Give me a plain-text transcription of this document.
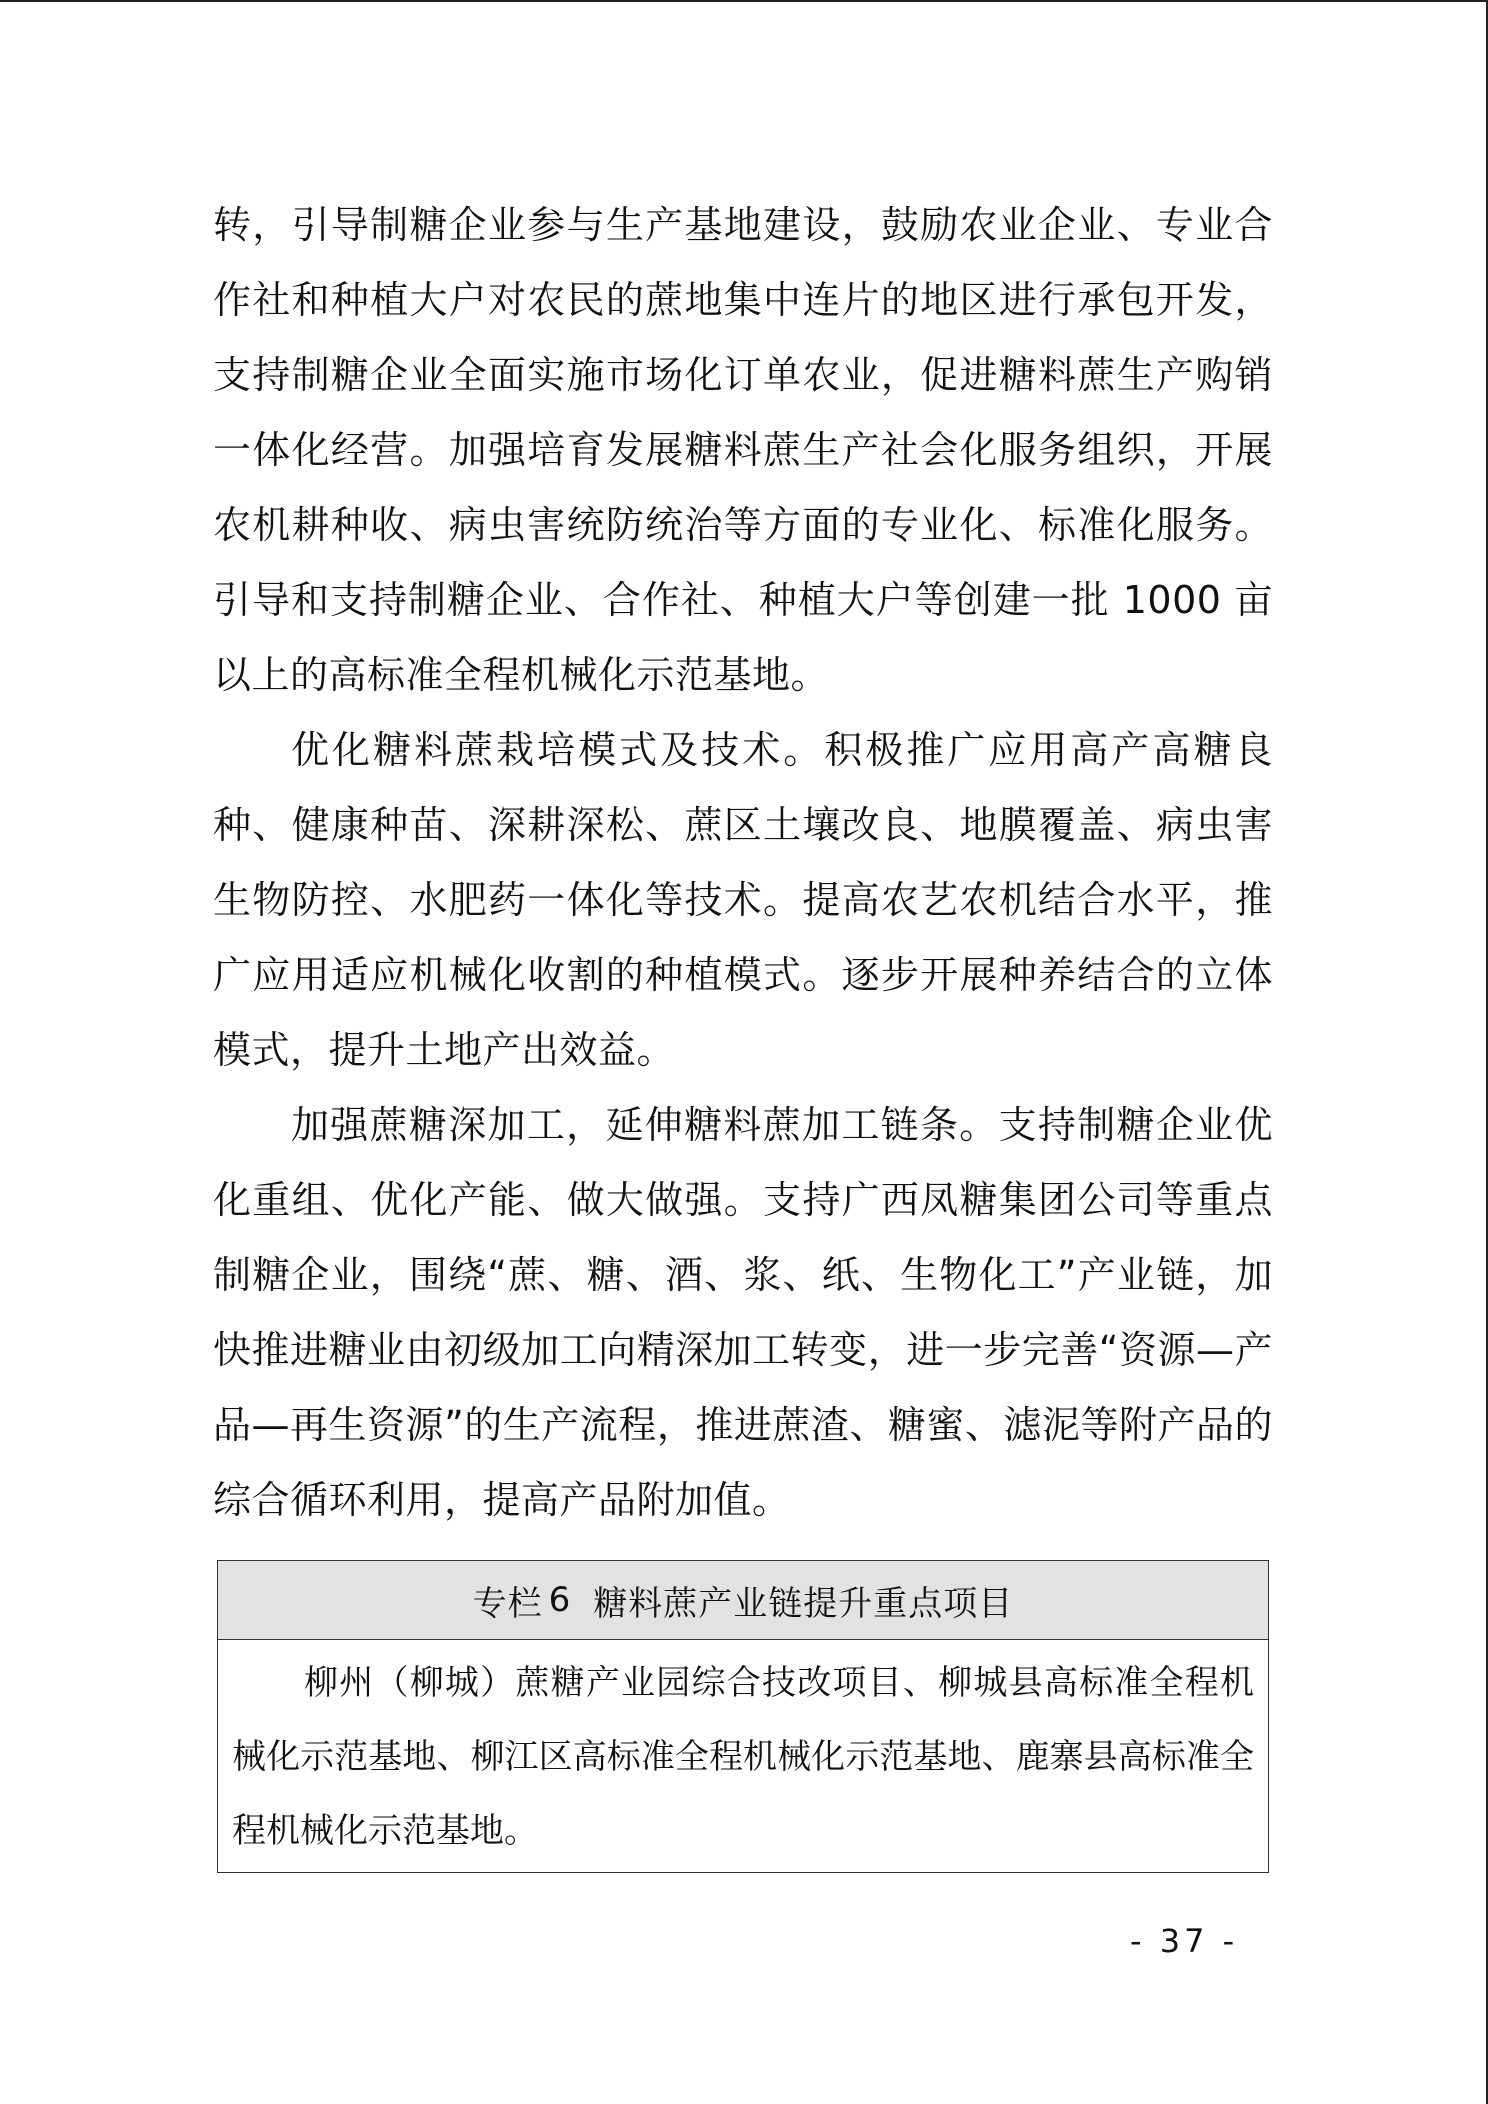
转，引导制糖企业参与生产基地建设，鼓励农业企业、专业合作社和种植大户对农民的蔗地集中连片的地区进行承包开发，支持制糖企业全面实施市场化订单农业，促进糖料蔗生产购销一体化经营。加强培育发展糖料蔗生产社会化服务组织，开展农机耕种收、病虫害统防统治等方面的专业化、标准化服务。引导和支持制糖企业、合作社、种植大户等创建一批 1000 亩以上的高标准全程机械化示范基地。

优化糖料蔗栽培模式及技术。积极推广应用高产高糖良种、健康种苗、深耕深松、蔗区土壤改良、地膜覆盖、病虫害生物防控、水肥药一体化等技术。提高农艺农机结合水平，推广应用适应机械化收割的种植模式。逐步开展种养结合的立体模式，提升土地产出效益。

加强蔗糖深加工，延伸糖料蔗加工链条。支持制糖企业优化重组、优化产能、做大做强。支持广西凤糖集团公司等重点制糖企业，围绕“蔗、糖、酒、浆、纸、生物化工”产业链，加快推进糖业由初级加工向精深加工转变，进一步完善“资源—产品—再生资源”的生产流程，推进蔗渣、糖蜜、滤泥等附产品的综合循环利用，提高产品附加值。

专栏 6 糖料蔗产业链提升重点项目
柳州（柳城）蔗糖产业园综合技改项目、柳城县高标准全程机械化示范基地、柳江区高标准全程机械化示范基地、鹿寨县高标准全程机械化示范基地。
- 37 -
